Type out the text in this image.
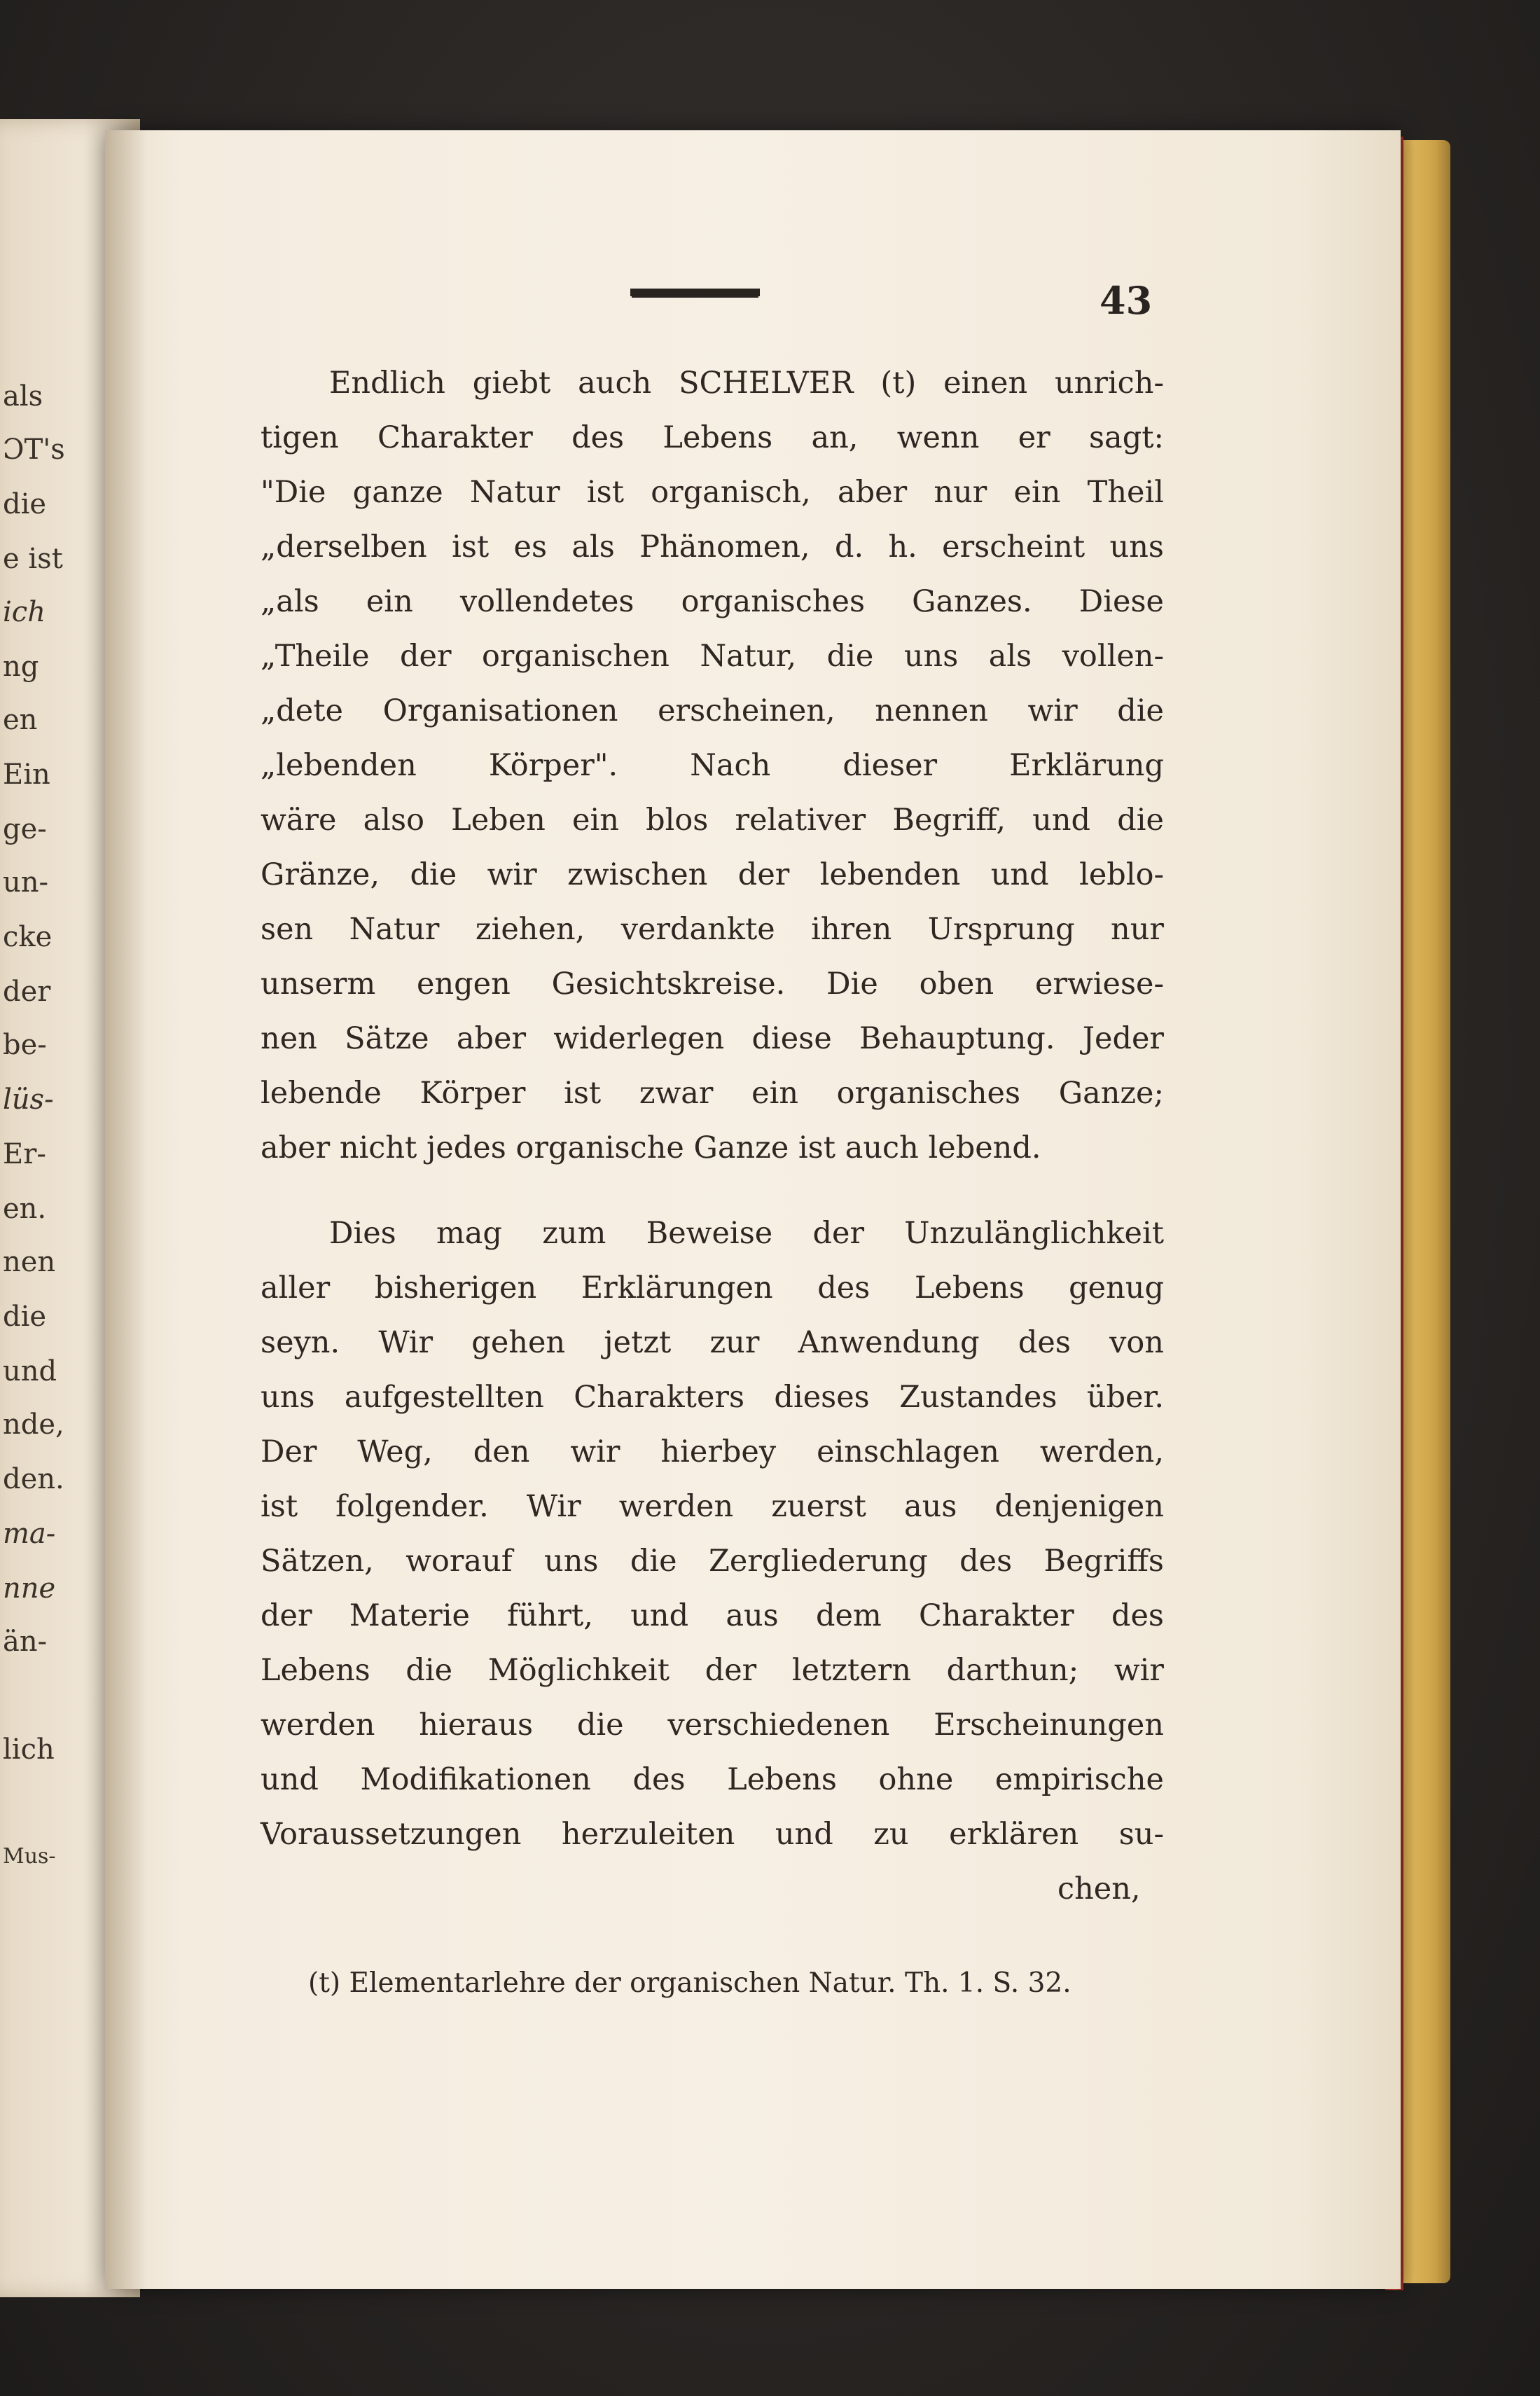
als

ƆT's

die

e ist

ich

ng

en

Ein

ge-

un-

cke

der

be-

lüs-

Er-

en.

nen

die

und

nde,

den.

ma-

nne

än-

lich

Mus-

43

Endlich giebt auch SCHELVER (t) einen unrich-

tigen Charakter des Lebens an, wenn er sagt:

"Die ganze Natur ist organisch, aber nur ein Theil

„derselben ist es als Phänomen, d. h. erscheint uns

„als ein vollendetes organisches Ganzes. Diese

„Theile der organischen Natur, die uns als vollen-

„dete Organisationen erscheinen, nennen wir die

„lebenden Körper". Nach dieser Erklärung

wäre also Leben ein blos relativer Begriff, und die

Gränze, die wir zwischen der lebenden und leblo-

sen Natur ziehen, verdankte ihren Ursprung nur

unserm engen Gesichtskreise. Die oben erwiese-

nen Sätze aber widerlegen diese Behauptung. Jeder

lebende Körper ist zwar ein organisches Ganze;

aber nicht jedes organische Ganze ist auch lebend.

Dies mag zum Beweise der Unzulänglichkeit

aller bisherigen Erklärungen des Lebens genug

seyn. Wir gehen jetzt zur Anwendung des von

uns aufgestellten Charakters dieses Zustandes über.

Der Weg, den wir hierbey einschlagen werden,

ist folgender. Wir werden zuerst aus denjenigen

Sätzen, worauf uns die Zergliederung des Begriffs

der Materie führt, und aus dem Charakter des

Lebens die Möglichkeit der letztern darthun; wir

werden hieraus die verschiedenen Erscheinungen

und Modifikationen des Lebens ohne empirische

Voraussetzungen herzuleiten und zu erklären su-

chen,

(t) Elementarlehre der organischen Natur. Th. 1. S. 32.
